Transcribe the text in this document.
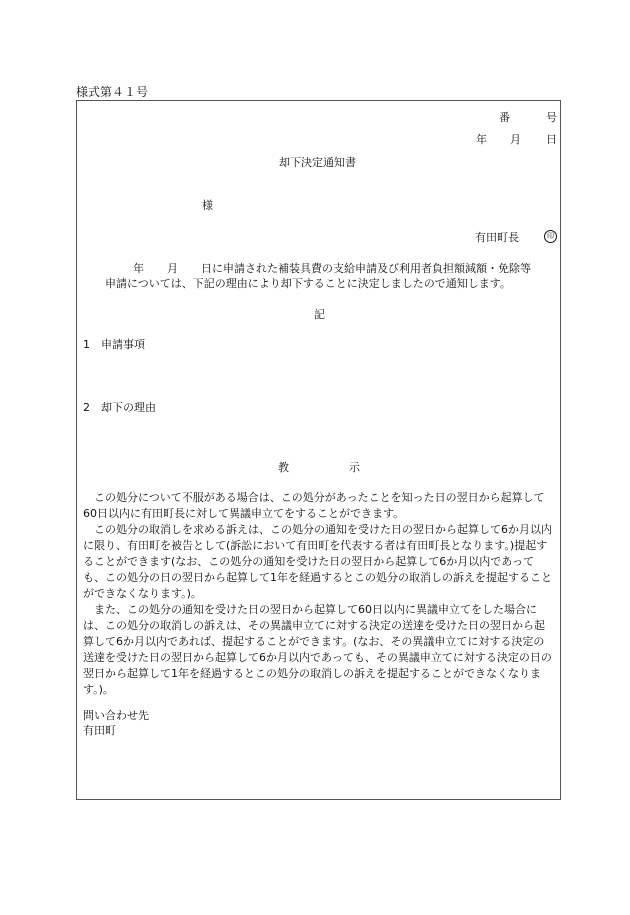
様式第４１号
番	号
年 月 日
却下決定通知書
様
有田町長	印
年 月 日に申請された補装具費の支給申請及び利用者負担額減額・免除等
申請については、下記の理由により却下することに決定しましたので通知します。
記
1 申請事項
2 却下の理由
教	示

この処分について不服がある場合は、この処分があったことを知った日の翌日から起算して60日以内に有田町長に対して異議申立てをすることができます。

この処分の取消しを求める訴えは、この処分の通知を受けた日の翌日から起算して6か月以内に限り、有田町を被告として(訴訟において有田町を代表する者は有田町長となります。)提起することができます(なお、この処分の通知を受けた日の翌日から起算して6か月以内であっても、この処分の日の翌日から起算して1年を経過するとこの処分の取消しの訴えを提起することができなくなります。)。

また、この処分の通知を受けた日の翌日から起算して60日以内に異議申立てをした場合には、この処分の取消しの訴えは、その異議申立てに対する決定の送達を受けた日の翌日から起算して6か月以内であれば、提起することができます。(なお、その異議申立てに対する決定の送達を受けた日の翌日から起算して6か月以内であっても、その異議申立てに対する決定の日の翌日から起算して1年を経過するとこの処分の取消しの訴えを提起することができなくなります。)。

問い合わせ先
有田町
